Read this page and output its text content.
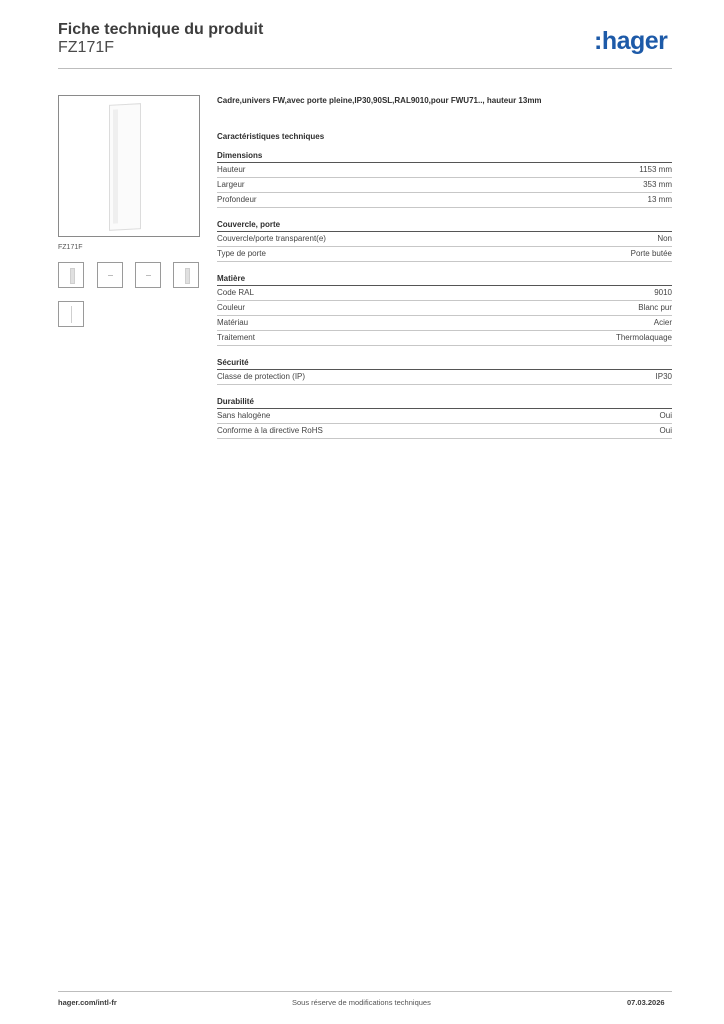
Fiche technique du produit
FZ171F	:hager
FZ171F
Cadre,univers FW,avec porte pleine,IP30,90SL,RAL9010,pour FWU71.., hauteur 13mm
Caractéristiques techniques
Dimensions
Hauteur	1153 mm
Largeur	353 mm
Profondeur	13 mm
Couvercle, porte
Couvercle/porte transparent(e)	Non
Type de porte	Porte butée
Matière
Code RAL	9010
Couleur	Blanc pur
Matériau	Acier
Traitement	Thermolaquage
Sécurité
Classe de protection (IP)	IP30
Durabilité
Sans halogène	Oui
Conforme à la directive RoHS	Oui
hager.com/intl-fr	Sous réserve de modifications techniques	07.03.2026
